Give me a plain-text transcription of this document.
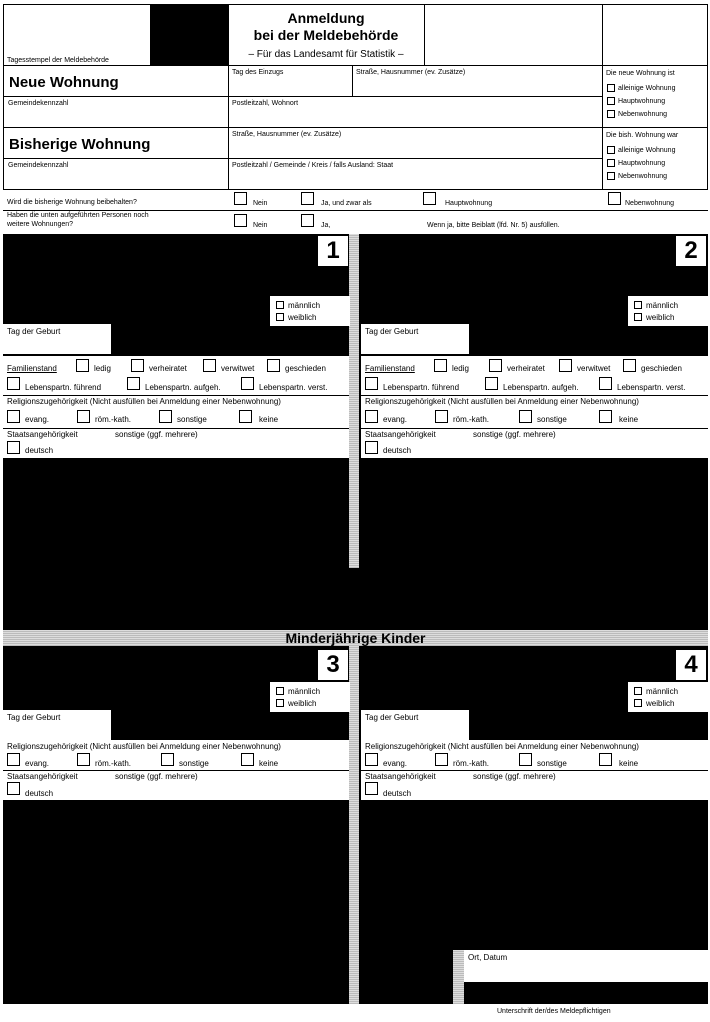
Tagesstempel der Meldebehörde
Anmeldung
bei der Meldebehörde
– Für das Landesamt für Statistik –
Neue Wohnung
Gemeindekennzahl
Tag des Einzugs	Straße, Hausnummer (ev. Zusätze)
Postleitzahl, Wohnort
Die neue Wohnung ist
alleinige Wohnung
Hauptwohnung
Nebenwohnung
Bisherige Wohnung
Gemeindekennzahl
Straße, Hausnummer (ev. Zusätze)
Postleitzahl / Gemeinde / Kreis / falls Ausland: Staat
Die bish. Wohnung war
alleinige Wohnung
Hauptwohnung
Nebenwohnung
Wird die bisherige Wohnung beibehalten?	Nein	Ja, und zwar als	Hauptwohnung	Nebenwohnung
Haben die unten aufgeführten Personen noch
weitere Wohnungen?	Nein	Ja,	Wenn ja, bitte Beiblatt (lfd. Nr. 5) ausfüllen.
1
männlich
weiblich
Tag der Geburt
Familienstand	ledig	verheiratet	verwitwet	geschieden
Lebenspartn. führend	Lebenspartn. aufgeh.	Lebenspartn. verst.
Religionszugehörigkeit (Nicht ausfüllen bei Anmeldung einer Nebenwohnung)
evang.	röm.-kath.	sonstige	keine
Staatsangehörigkeit	sonstige (ggf. mehrere)
deutsch
2
männlich
weiblich
Tag der Geburt
Familienstand	ledig	verheiratet	verwitwet	geschieden
Lebenspartn. führend	Lebenspartn. aufgeh.	Lebenspartn. verst.
Religionszugehörigkeit (Nicht ausfüllen bei Anmeldung einer Nebenwohnung)
evang.	röm.-kath.	sonstige	keine
Staatsangehörigkeit	sonstige (ggf. mehrere)
deutsch
Minderjährige Kinder
3
männlich
weiblich
Tag der Geburt
Religionszugehörigkeit (Nicht ausfüllen bei Anmeldung einer Nebenwohnung)
evang.	röm.-kath.	sonstige	keine
Staatsangehörigkeit	sonstige (ggf. mehrere)
deutsch
4
männlich
weiblich
Tag der Geburt
Religionszugehörigkeit (Nicht ausfüllen bei Anmeldung einer Nebenwohnung)
evang.	röm.-kath.	sonstige	keine
Staatsangehörigkeit	sonstige (ggf. mehrere)
deutsch
Ort, Datum
Unterschrift der/des Meldepflichtigen
